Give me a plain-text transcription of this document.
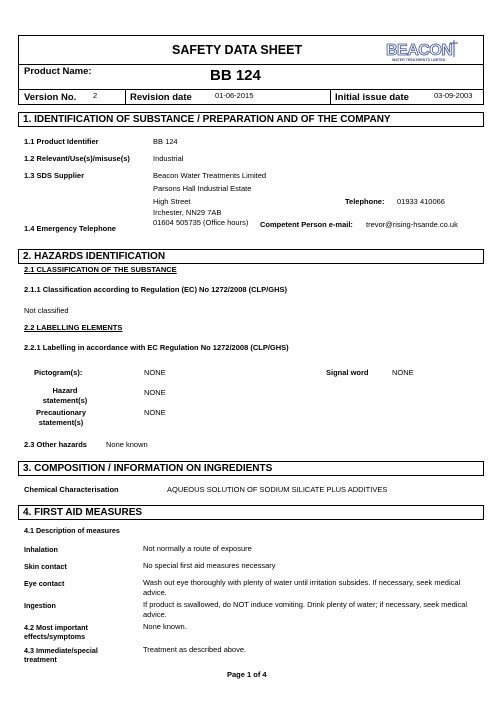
SAFETY DATA SHEET	BEACON
WATER TREATMENTS LIMITED
Product Name:	BB 124
Version No. 2	Revision date	01-06-2015	Initial issue date	03-09-2003
1. IDENTIFICATION OF SUBSTANCE / PREPARATION AND OF THE COMPANY
1.1 Product Identifier	BB 124
1.2 Relevant/Use(s)/misuse(s)	Industrial
1.3 SDS Supplier	Beacon Water Treatments Limited
Parsons Hall Industrial Estate
High Street
Irchester, NN29 7AB
Telephone: 01933 410066
1.4 Emergency Telephone
01604 505735 (Office hours)	Competent Person e-mail: trevor@rising-hsande.co.uk
2. HAZARDS IDENTIFICATION
2.1 CLASSIFICATION OF THE SUBSTANCE
2.1.1 Classification according to Regulation (EC) No 1272/2008 (CLP/GHS)
Not classified
2.2 LABELLING ELEMENTS
2.2.1 Labelling in accordance with EC Regulation No 1272/2008 (CLP/GHS)
Pictogram(s):	NONE	Signal word	NONE
Hazard statement(s)
NONE
Precautionary statement(s)
NONE
2.3 Other hazards	None known
3. COMPOSITION / INFORMATION ON INGREDIENTS
Chemical Characterisation	AQUEOUS SOLUTION OF SODIUM SILICATE PLUS ADDITIVES
4. FIRST AID MEASURES
4.1 Description of measures
Inhalation	Not normally a route of exposure
Skin contact	No special first aid measures necessary
Eye contact	Wash out eye thoroughly with plenty of water until irritation subsides. If necessary, seek medical advice.
Ingestion	If product is swallowed, do NOT induce vomiting. Drink plenty of water; if necessary, seek medical advice.
4.2 Most important effects/symptoms
None known.
4.3 Immediate/special treatment
Treatment as described above.
Page 1 of 4
